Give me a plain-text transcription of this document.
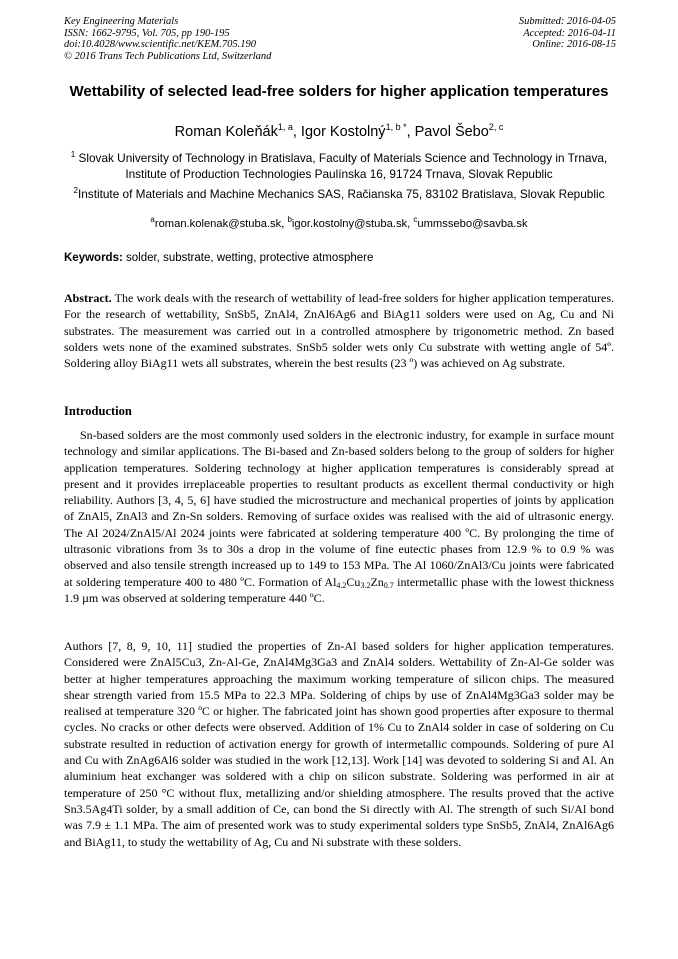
Key Engineering Materials
ISSN: 1662-9795, Vol. 705, pp 190-195
doi:10.4028/www.scientific.net/KEM.705.190
© 2016 Trans Tech Publications Ltd, Switzerland
Submitted: 2016-04-05
Accepted: 2016-04-11
Online: 2016-08-15
Wettability of selected lead-free solders for higher application temperatures
Roman Koleňák$^{1, a}$, Igor Kostolný$^{1, b *}$, Pavol Šebo$^{2, c}$
$^1$ Slovak University of Technology in Bratislava, Faculty of Materials Science and Technology in Trnava, Institute of Production Technologies Paulínska 16, 91724 Trnava, Slovak Republic
$^2$Institute of Materials and Machine Mechanics SAS, Račianska 75, 83102 Bratislava, Slovak Republic
$^a$roman.kolenak@stuba.sk, $^b$igor.kostolny@stuba.sk, $^c$ummssebo@savba.sk
Keywords: solder, substrate, wetting, protective atmosphere
Abstract. The work deals with the research of wettability of lead-free solders for higher application temperatures. For the research of wettability, SnSb5, ZnAl4, ZnAl6Ag6 and BiAg11 solders were used on Ag, Cu and Ni substrates. The measurement was carried out in a controlled atmosphere by trigonometric method. Zn based solders wets none of the examined substrates. SnSb5 solder wets only Cu substrate with wetting angle of 54º. Soldering alloy BiAg11 wets all substrates, wherein the best results (23 º) was achieved on Ag substrate.
Introduction
Sn-based solders are the most commonly used solders in the electronic industry, for example in surface mount technology and similar applications. The Bi-based and Zn-based solders belong to the group of solders for higher application temperatures. Soldering technology at higher application temperatures is considerably spread at present and it provides irreplaceable properties to resultant products as excellent thermal conductivity or high reliability. Authors [3, 4, 5, 6] have studied the microstructure and mechanical properties of joints by application of ZnAl5, ZnAl3 and Zn-Sn solders. Removing of surface oxides was realised with the aid of ultrasonic energy. The Al 2024/ZnAl5/Al 2024 joints were fabricated at soldering temperature 400 ºC. By prolonging the time of ultrasonic vibrations from 3s to 30s a drop in the volume of fine eutectic phases from 12.9 % to 0.9 % was observed and also tensile strength increased up to 149 to 153 MPa. The Al 1060/ZnAl3/Cu joints were fabricated at soldering temperature 400 to 480 ºC. Formation of $Al_{4.2}Cu_{3.2}Zn_{0.7}$ intermetallic phase with the lowest thickness 1.9 µm was observed at soldering temperature 440 ºC.
Authors [7, 8, 9, 10, 11] studied the properties of Zn-Al based solders for higher application temperatures. Considered were ZnAl5Cu3, Zn-Al-Ge, ZnAl4Mg3Ga3 and ZnAl4 solders. Wettability of Zn-Al-Ge solder was better at higher temperatures approaching the maximum working temperature of silicon chips. The measured shear strength varied from 15.5 MPa to 22.3 MPa. Soldering of chips by use of ZnAl4Mg3Ga3 solder may be realised at temperature 320 ºC or higher. The fabricated joint has shown good properties after exposure to thermal cycles. No cracks or other defects were observed. Addition of 1% Cu to ZnAl4 solder in case of soldering on Cu substrate resulted in reduction of activation energy for growth of intermetallic compounds. Soldering of pure Al and Cu with ZnAg6Al6 solder was studied in the work [12,13]. Work [14] was devoted to soldering Si and Al. An aluminium heat exchanger was soldered with a chip on silicon substrate. Soldering was performed in air at temperature of 250 °C without flux, metallizing and/or shielding atmosphere. The results proved that the active Sn3.5Ag4Ti solder, by a small addition of Ce, can bond the Si directly with Al. The strength of such Si/Al bond was 7.9 ± 1.1 MPa. The aim of presented work was to study experimental solders type SnSb5, ZnAl4, ZnAl6Ag6 and BiAg11, to study the wettability of Ag, Cu and Ni substrate with these solders.
